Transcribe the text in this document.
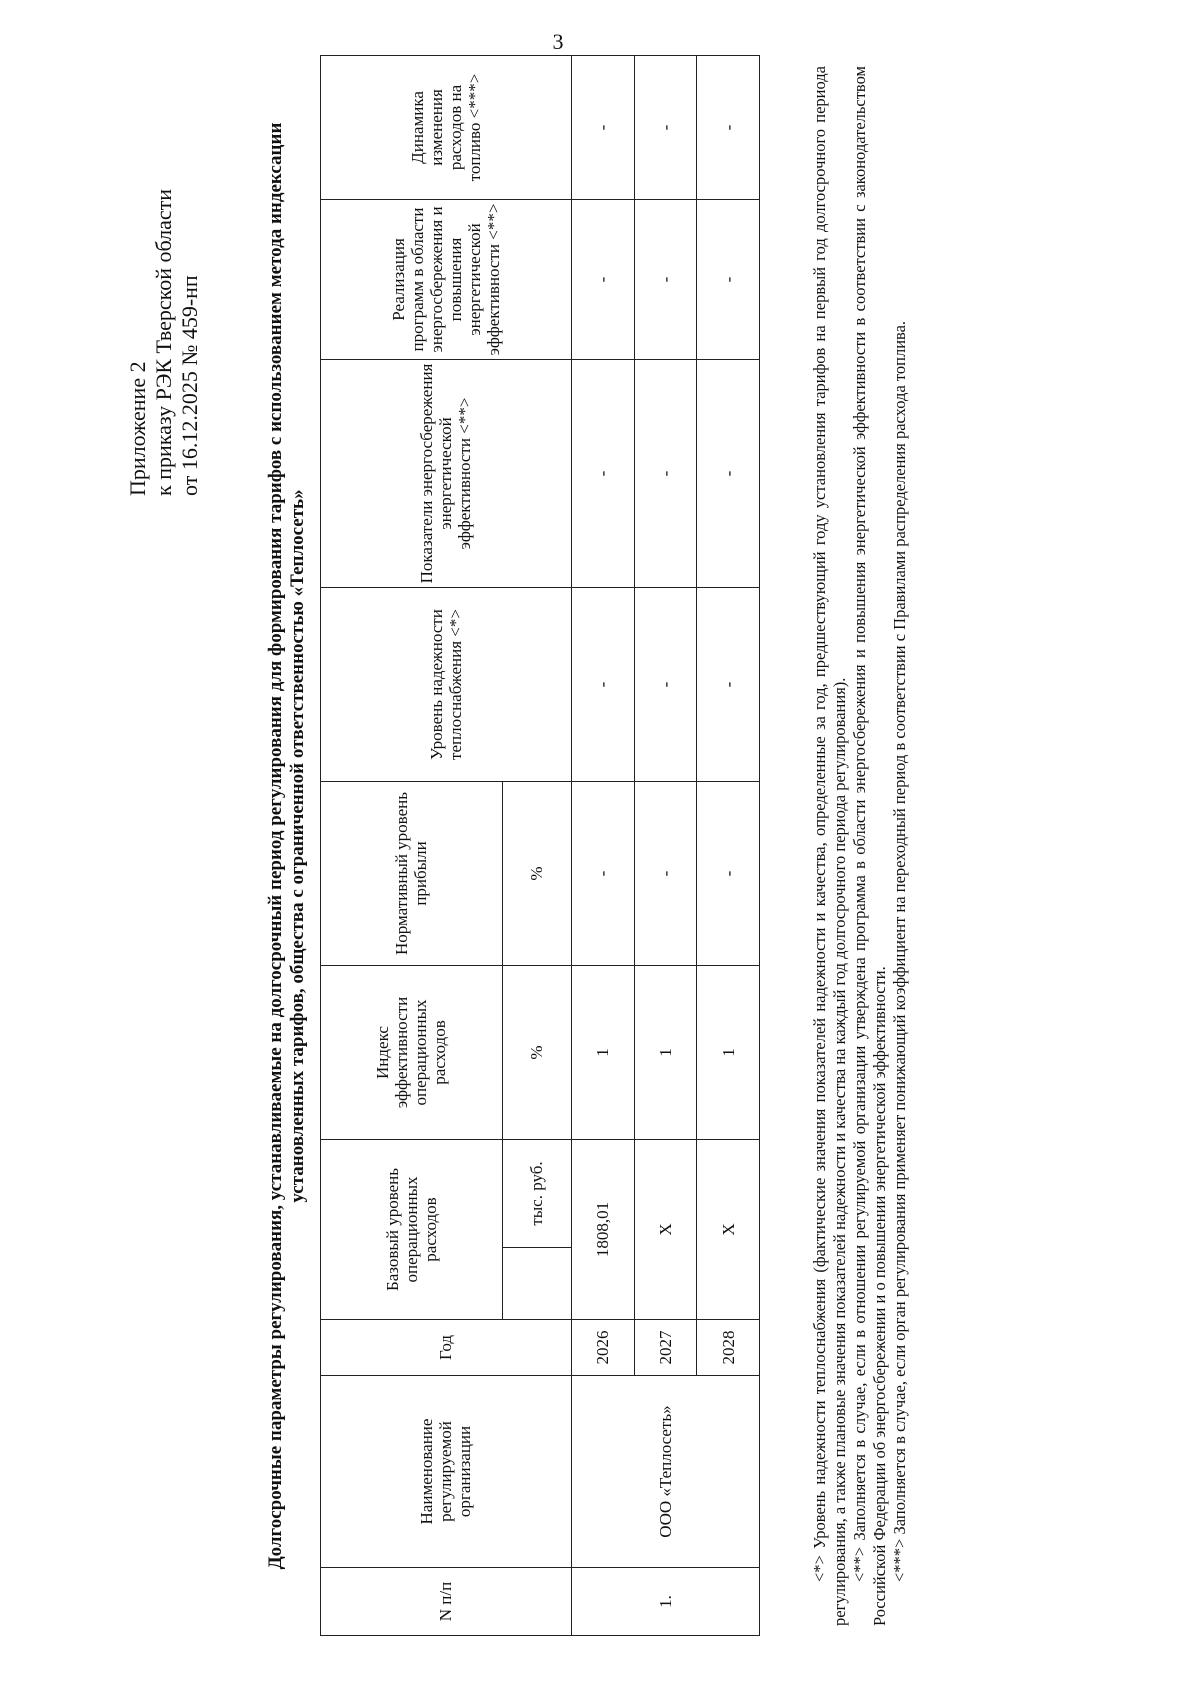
3
Приложение 2 к приказу РЭК Тверской области от 16.12.2025 № 459-нп	Долгосрочные параметры регулирования, устанавливаемые на долгосрочный период регулирования для формирования тарифов с использованием метода индексации установленных тарифов, общества с ограниченной ответственностью «Теплосеть»
N п/п	Наименование регулируемой организации	Год	Базовый уровень операционных расходов		Индекс эффективности операционных расходов	Нормативный уровень прибыли	Уровень надежности теплоснабжения <*>	Показатели энергосбережения энергетической эффективности <**>	Реализация программ в области энергосбережения и повышения энергетической эффективности <**>	Динамика изменения расходов на топливо <***>
				тыс. руб.	%	%				
1.	ООО «Теплосеть»	2026	1808,01		1	-	-	-	-	-
		2027	Х		1	-	-	-	-	-
		2028	Х		1	-	-	-	-	-	<*> Уровень надежности теплоснабжения (фактические значения показателей надежности и качества, определенные за год, предшествующий году установления тарифов на первый год долгосрочного периода регулирования, а также плановые значения показателей надежности и качества на каждый год долгосрочного периода регулирования). <**> Заполняется в случае, если в отношении регулируемой организации утверждена программа в области энергосбережения и повышения энергетической эффективности в соответствии с законодательством Российской Федерации об энергосбережении и о повышении энергетической эффективности. <***> Заполняется в случае, если орган регулирования применяет понижающий коэффициент на переходный период в соответствии с Правилами распределения расхода топлива.
